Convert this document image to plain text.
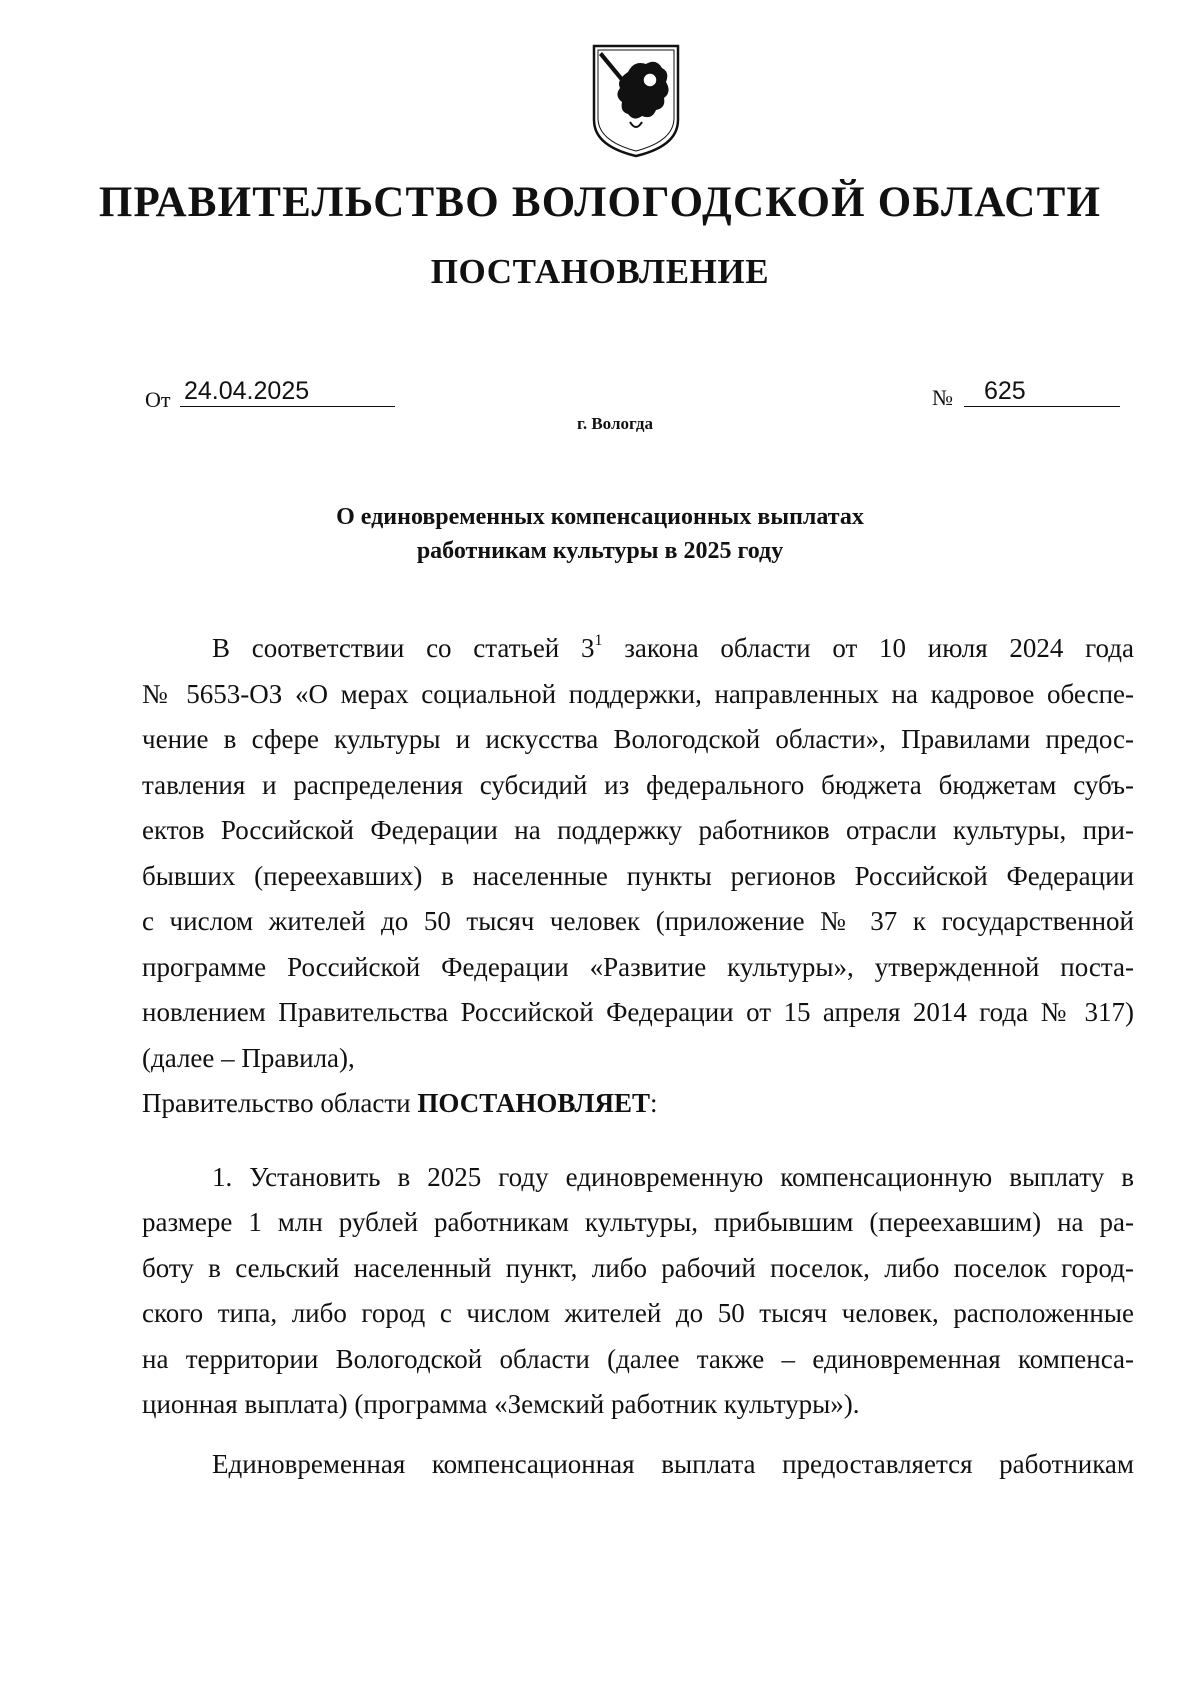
ПРАВИТЕЛЬСТВО ВОЛОГОДСКОЙ ОБЛАСТИ
ПОСТАНОВЛЕНИЕ
От 24.04.2025	№	625
г. Вологда
О единовременных компенсационных выплатах
работникам культуры в 2025 году
В соответствии со статьей $3^1$ закона области от 10 июля 2024 года
№ 5653-ОЗ «О мерах социальной поддержки, направленных на кадровое обеспе-
чение в сфере культуры и искусства Вологодской области», Правилами предос-
тавления и распределения субсидий из федерального бюджета бюджетам субъ-
ектов Российской Федерации на поддержку работников отрасли культуры, при-
бывших (переехавших) в населенные пункты регионов Российской Федерации
с числом жителей до 50 тысяч человек (приложение № 37 к государственной
программе Российской Федерации «Развитие культуры», утвержденной поста-
новлением Правительства Российской Федерации от 15 апреля 2014 года № 317)
(далее – Правила),
Правительство области ПОСТАНОВЛЯЕТ:
1. Установить в 2025 году единовременную компенсационную выплату в
размере 1 млн рублей работникам культуры, прибывшим (переехавшим) на ра-
боту в сельский населенный пункт, либо рабочий поселок, либо поселок город-
ского типа, либо город с числом жителей до 50 тысяч человек, расположенные
на территории Вологодской области (далее также – единовременная компенса-
ционная выплата) (программа «Земский работник культуры»).
Единовременная компенсационная выплата предоставляется работникам
